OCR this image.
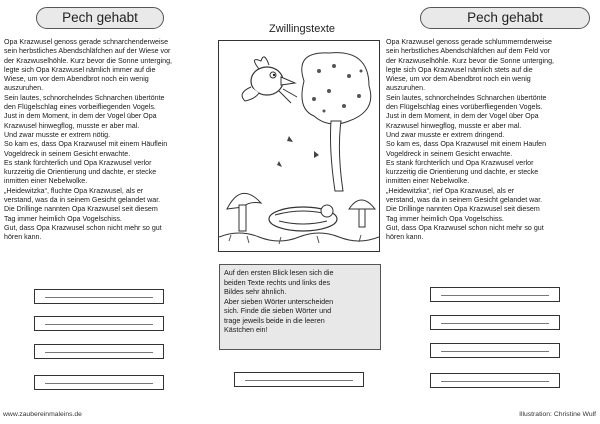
Pech gehabt
Opa Krazwusel genoss gerade schnarchenderweise
sein herbstliches Abendschläfchen auf der Wiese vor
der Krazwuselhöhle. Kurz bevor die Sonne unterging,
legte sich Opa Krazwusel nämlich immer auf die
Wiese, um vor dem Abendbrot noch ein wenig
auszuruhen.
Sein lautes, schnorchelndes Schnarchen übertönte
den Flügelschlag eines vorbeifliegenden Vogels.
Just in dem Moment, in dem der Vogel über Opa
Krazwusel hinwegflog, musste er aber mal.
Und zwar musste er extrem nötig.
So kam es, dass Opa Krazwusel mit einem Häuflein
Vogeldreck in seinem Gesicht erwachte.
Es stank fürchterlich und Opa Krazwusel verlor
kurzzeitig die Orientierung und dachte, er stecke
inmitten einer Nebelwolke.
„Heidewitzka“, fluchte Opa Krazwusel, als er
verstand, was da in seinem Gesicht gelandet war.
Die Drillinge nannten Opa Krazwusel seit diesem
Tag immer heimlich Opa Vogelschiss.
Gut, dass Opa Krazwusel schon nicht mehr so gut
hören kann.
Zwillingstexte
Auf den ersten Blick lesen sich die
beiden Texte rechts und links des
Bildes sehr ähnlich.
Aber sieben Wörter unterscheiden
sich. Finde die sieben Wörter und
trage jeweils beide in die leeren
Kästchen ein!
Pech gehabt
Opa Krazwusel genoss gerade schlummernderweise
sein herbstliches Abendschläfchen auf dem Feld vor
der Krazwuselhöhle. Kurz bevor die Sonne unterging,
legte sich Opa Krazwusel nämlich stets auf die
Wiese, um vor dem Abendbrot noch ein wenig
auszuruhen.
Sein lautes, schnorchelndes Schnarchen übertönte
den Flügelschlag eines vorüberfliegenden Vogels.
Just in dem Moment, in dem der Vogel über Opa
Krazwusel hinwegflog, musste er aber mal.
Und zwar musste er extrem dringend.
So kam es, dass Opa Krazwusel mit einem Haufen
Vogeldreck in seinem Gesicht erwachte.
Es stank fürchterlich und Opa Krazwusel verlor
kurzzeitig die Orientierung und dachte, er stecke
inmitten einer Nebelwolke.
„Heidewitzka“, rief Opa Krazwusel, als er
verstand, was da in seinem Gesicht gelandet war.
Die Drillinge nannten Opa Krazwusel seit diesem
Tag immer heimlich Opa Vogelschiss.
Gut, dass Opa Krazwusel schon nicht mehr so gut
hören kann.
www.zaubereinmaleins.de	Illustration: Christine Wulf
